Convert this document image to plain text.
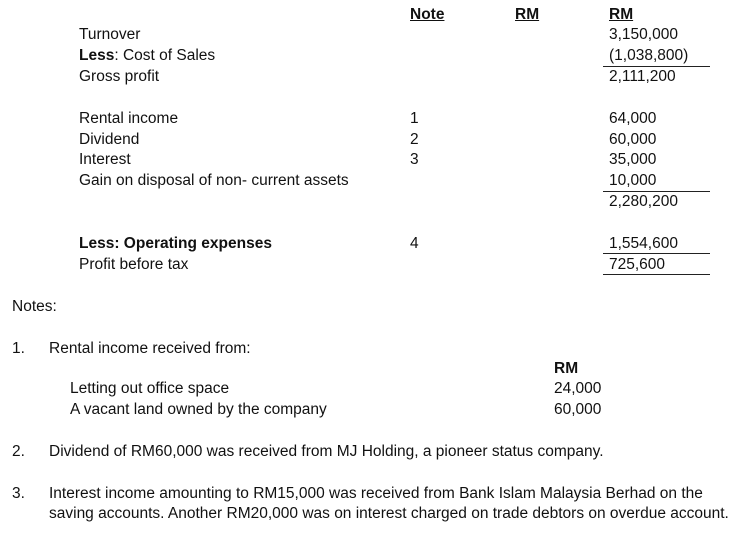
Note	RM	RM
Turnover	3,150,000
Less: Cost of Sales	(1,038,800)
Gross profit	2,111,200
Rental income	1	64,000
Dividend	2	60,000
Interest	3	35,000
Gain on disposal of non- current assets	10,000
2,280,200
Less: Operating expenses	4	1,554,600
Profit before tax	725,600
Notes:
1. Rental income received from:
RM
Letting out office space	24,000
A vacant land owned by the company	60,000
2. Dividend of RM60,000 was received from MJ Holding, a pioneer status company.
3. Interest income amounting to RM15,000 was received from Bank Islam Malaysia Berhad on the saving accounts. Another RM20,000 was on interest charged on trade debtors on overdue account.
